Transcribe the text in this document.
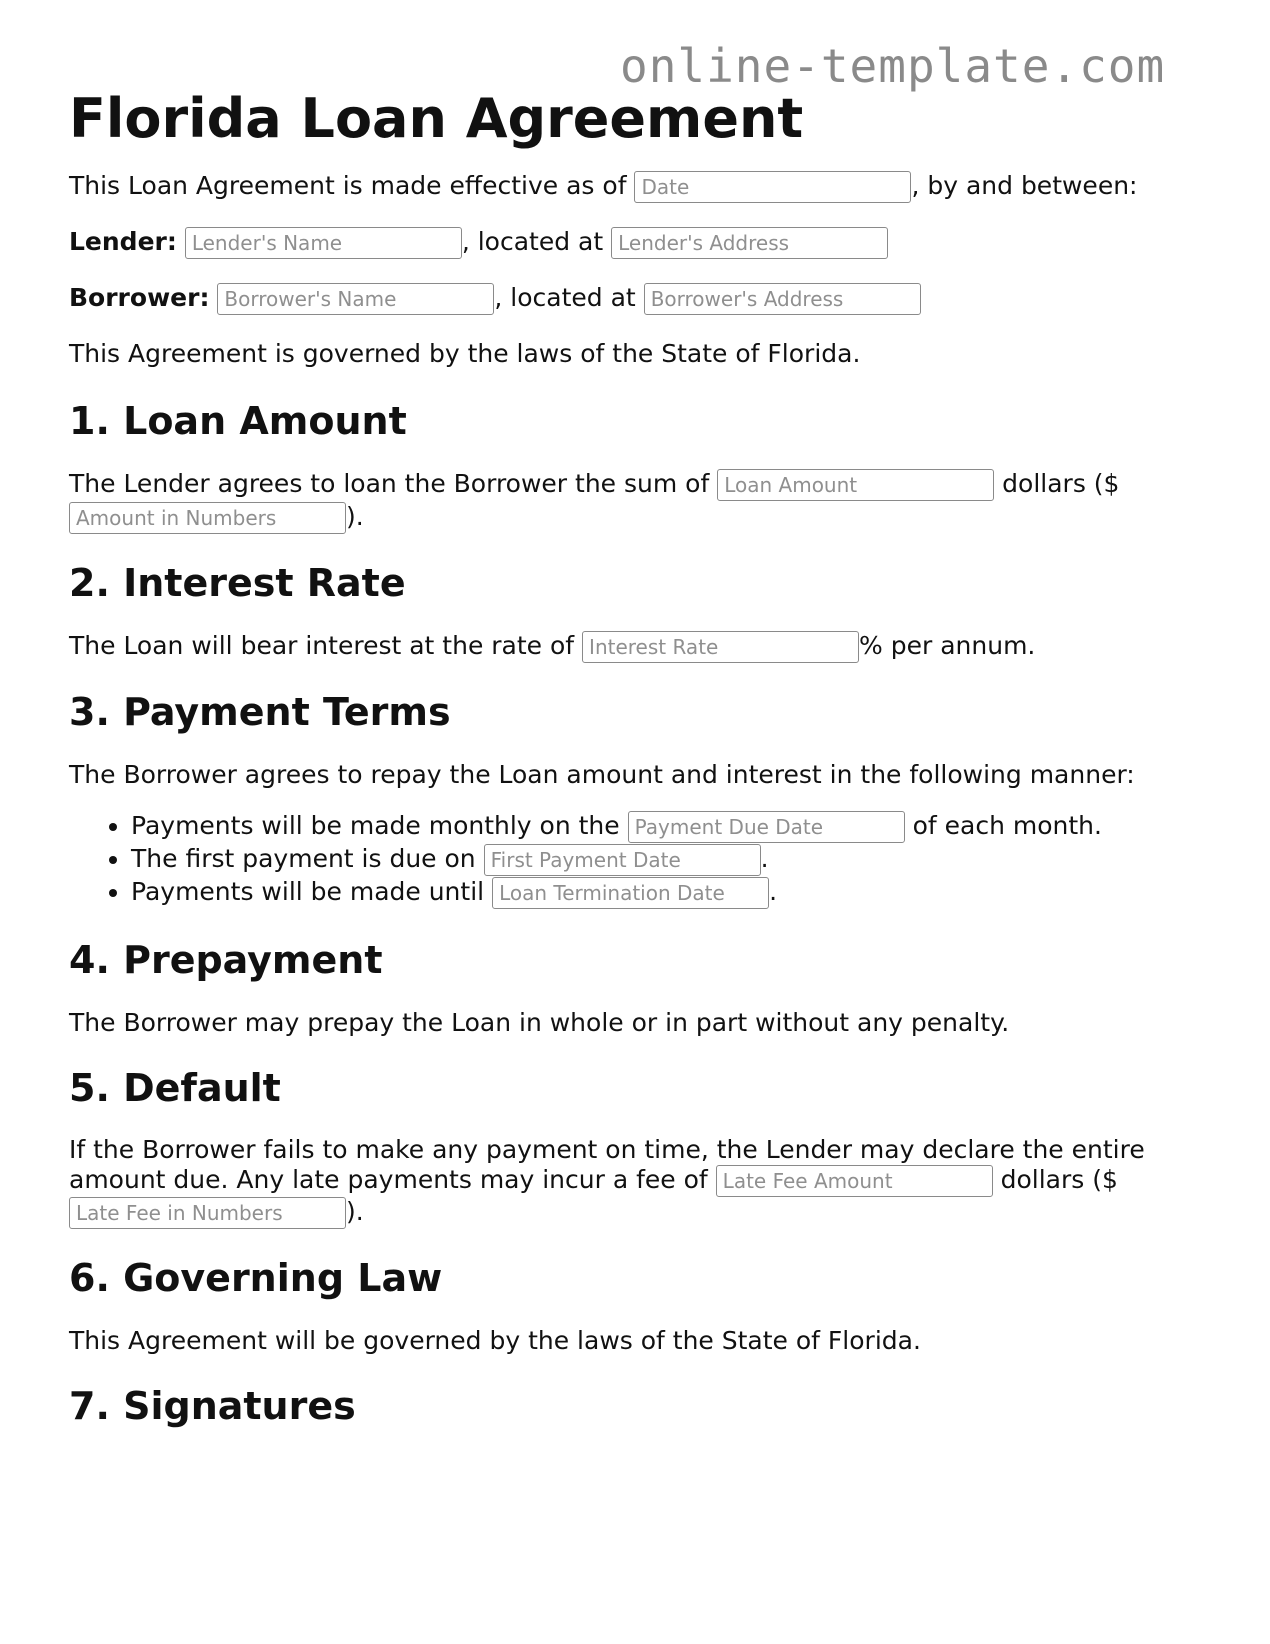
online-template.com
Florida Loan Agreement

This Loan Agreement is made effective as of Date	, by and between:

Lender: Lender's Name	, located at Lender's Address

Borrower: Borrower's Name	, located at Borrower's Address

This Agreement is governed by the laws of the State of Florida.

1. Loan Amount

The Lender agrees to loan the Borrower the sum of Loan Amount	dollars ($
Amount in Numbers).

2. Interest Rate

The Loan will bear interest at the rate of Interest Rate	% per annum.

3. Payment Terms

The Borrower agrees to repay the Loan amount and interest in the following manner:

• Payments will be made monthly on the Payment Due Date	of each month.
• The first payment is due on First Payment Date	.
• Payments will be made until Loan Termination Date	.
4. Prepayment

The Borrower may prepay the Loan in whole or in part without any penalty.

5. Default

If the Borrower fails to make any payment on time, the Lender may declare the entire amount due. Any late payments may incur a fee of Late Fee Amount	dollars ($
Late Fee in Numbers).

6. Governing Law

This Agreement will be governed by the laws of the State of Florida.

7. Signatures
